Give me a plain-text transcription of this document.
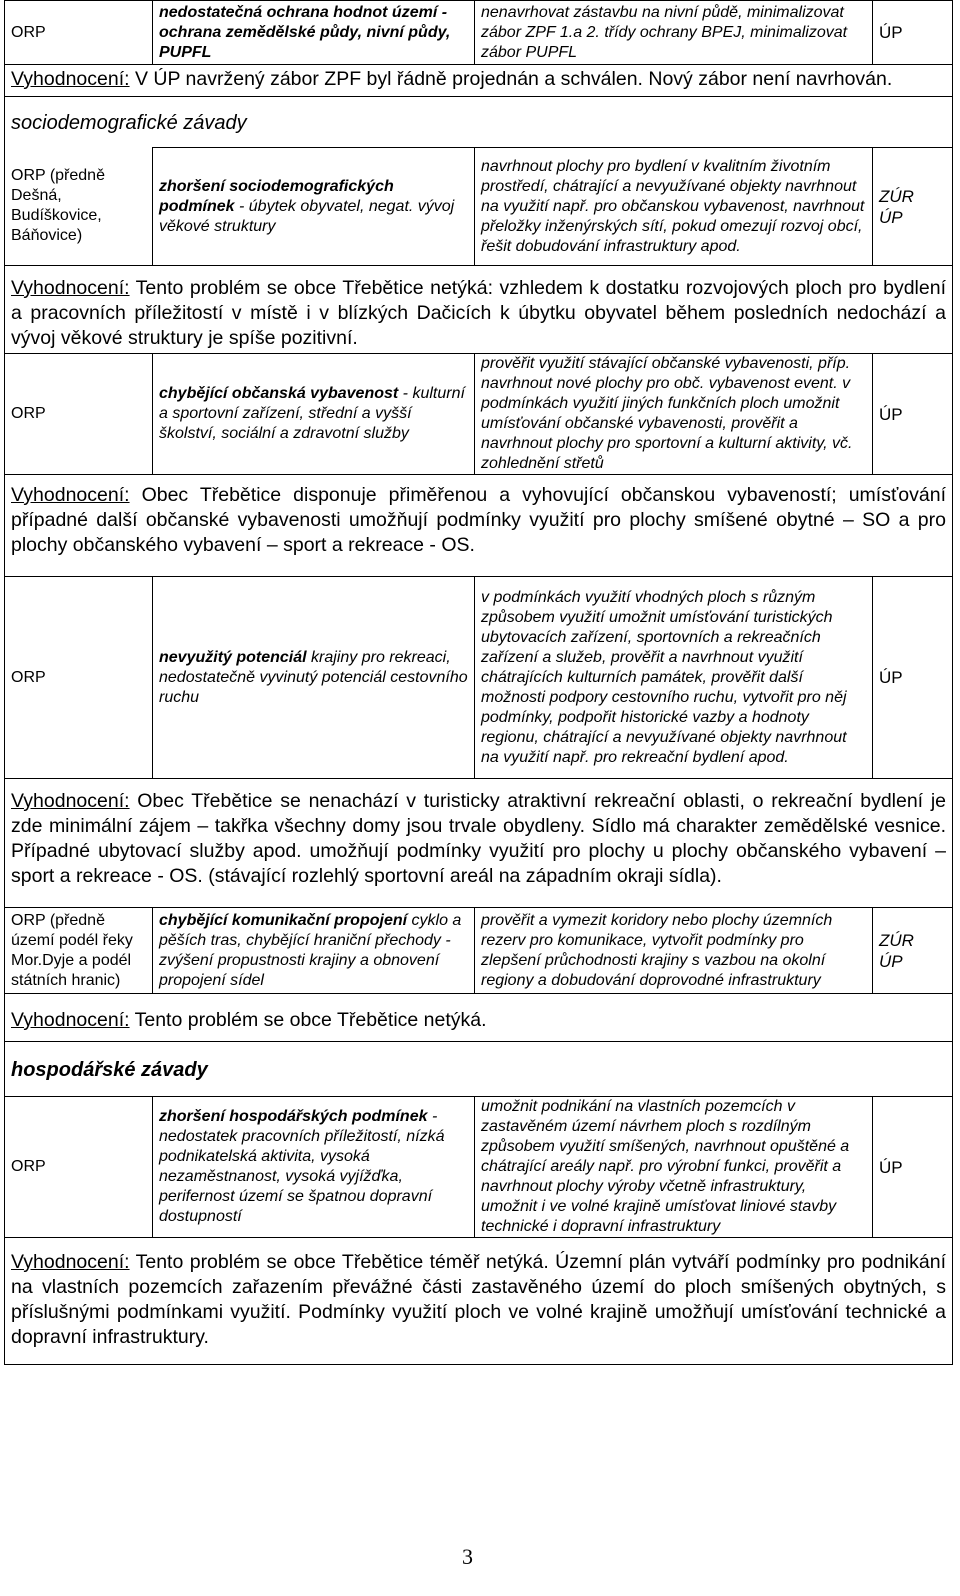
ORP	nedostatečná ochrana hodnot území - ochrana zemědělské půdy, nivní půdy, PUPFL	nenavrhovat zástavbu na nivní půdě, minimalizovat zábor ZPF 1.a 2. třídy ochrany BPEJ, minimalizovat zábor PUPFL	ÚP
Vyhodnocení: V ÚP navržený zábor ZPF byl řádně projednán a schválen. Nový zábor není navrhován.			
sociodemografické závady			
ORP (předně Dešná, Budíškovice, Báňovice)	zhoršení sociodemografických podmínek - úbytek obyvatel, negat. vývoj věkové struktury	navrhnout plochy pro bydlení v kvalitním životním prostředí, chátrající a nevyužívané objekty navrhnout na využití např. pro občanskou vybavenost, navrhnout přeložky inženýrských sítí, pokud omezují rozvoj obcí, řešit dobudování infrastruktury apod.	ZÚR
ÚP

Vyhodnocení: Tento problém se obce Třebětice netýká: vzhledem k dostatku rozvojových ploch pro bydlení a pracovních příležitostí v místě i v blízkých Dačicích k úbytku obyvatel během posledních nedochází a vývoj věkové struktury je spíše pozitivní.			
ORP	chybějící občanská vybavenost - kulturní a sportovní zařízení, střední a vyšší školství, sociální a zdravotní služby	prověřit využití stávající občanské vybavenosti, příp. navrhnout nové plochy pro obč. vybavenost event. v podmínkách využití jiných funkčních ploch umožnit umísťování občanské vybavenosti, prověřit a navrhnout plochy pro sportovní a kulturní aktivity, vč. zohlednění střetů	ÚP
Vyhodnocení: Obec Třebětice disponuje přiměřenou a vyhovující občanskou vybaveností; umísťování případné další občanské vybavenosti umožňují podmínky využití pro plochy smíšené obytné – SO a pro plochy občanského vybavení – sport a rekreace - OS.			
ORP	nevyužitý potenciál krajiny pro rekreaci, nedostatečně vyvinutý potenciál cestovního ruchu	v podmínkách využití vhodných ploch s různým způsobem využití umožnit umísťování turistických ubytovacích zařízení, sportovních a rekreačních zařízení a služeb, prověřit a navrhnout využití chátrajících kulturních památek, prověřit další možnosti podpory cestovního ruchu, vytvořit pro něj podmínky, podpořit historické vazby a hodnoty regionu, chátrající a nevyužívané objekty navrhnout na využití např. pro rekreační bydlení apod.	ÚP
Vyhodnocení: Obec Třebětice se nenachází v turisticky atraktivní rekreační oblasti, o rekreační bydlení je zde minimální zájem – takřka všechny domy jsou trvale obydleny. Sídlo má charakter zemědělské vesnice. Případné ubytovací služby apod. umožňují podmínky využití pro plochy u plochy občanského vybavení – sport a rekreace - OS. (stávající rozlehlý sportovní areál na západním okraji sídla).			
ORP (předně území podél řeky Mor.Dyje a podél státních hranic)	chybějící komunikační propojení cyklo a pěších tras, chybějící hraniční přechody - zvýšení propustnosti krajiny a obnovení propojení sídel	prověřit a vymezit koridory nebo plochy územních rezerv pro komunikace, vytvořit podmínky pro zlepšení průchodnosti krajiny s vazbou na okolní regiony a dobudování doprovodné infrastruktury	ZÚR
ÚP

Vyhodnocení: Tento problém se obce Třebětice netýká.			
hospodářské závady			
ORP	zhoršení hospodářských podmínek - nedostatek pracovních příležitostí, nízká podnikatelská aktivita, vysoká nezaměstnanost, vysoká vyjížďka, perifernost území se špatnou dopravní dostupností	umožnit podnikání na vlastních pozemcích v zastavěném území návrhem ploch s rozdílným způsobem využití smíšených, navrhnout opuštěné a chátrající areály např. pro výrobní funkci, prověřit a navrhnout plochy výroby včetně infrastruktury, umožnit i ve volné krajině umísťovat liniové stavby technické i dopravní infrastruktury	ÚP
Vyhodnocení: Tento problém se obce Třebětice téměř netýká. Územní plán vytváří podmínky pro podnikání na vlastních pozemcích zařazením převážné části zastavěného území do ploch smíšených obytných, s příslušnými podmínkami využití. Podmínky využití ploch ve volné krajině umožňují umísťování technické a dopravní infrastruktury.			
3
